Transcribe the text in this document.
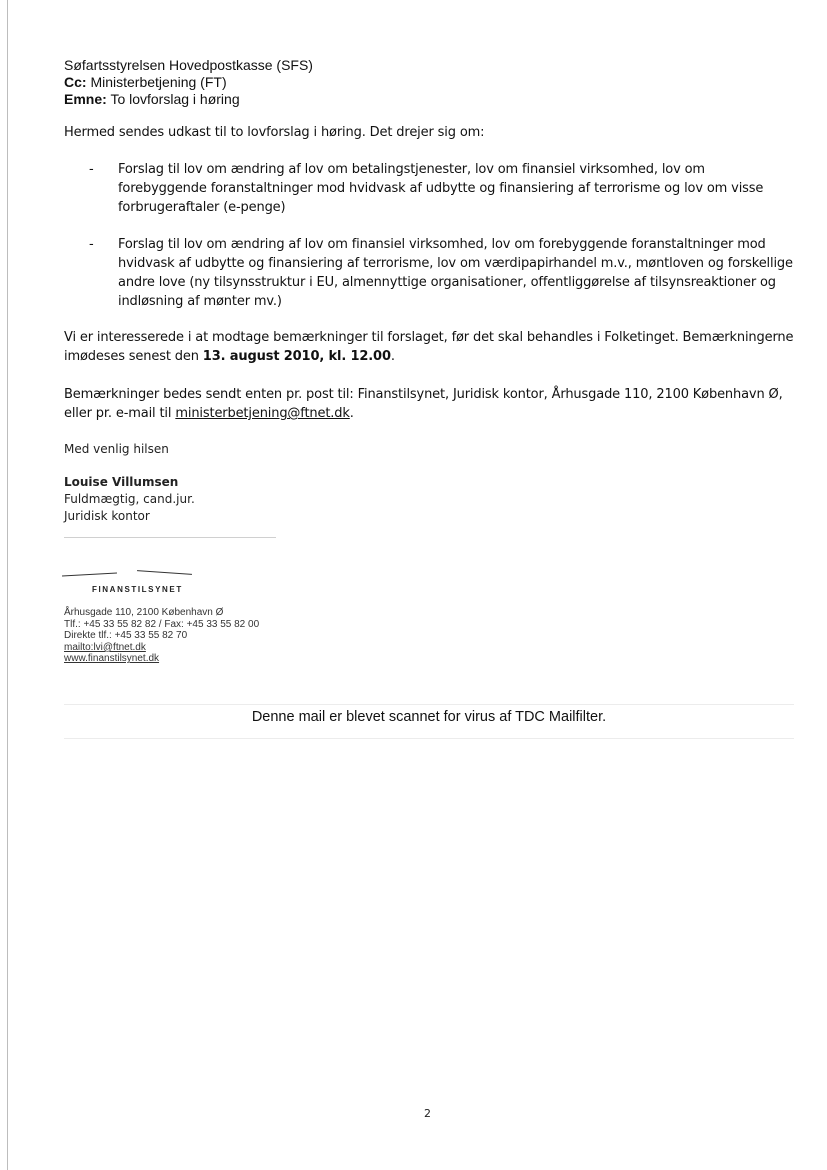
Søfartsstyrelsen Hovedpostkasse (SFS)
Cc: Ministerbetjening (FT)
Emne: To lovforslag i høring
Hermed sendes udkast til to lovforslag i høring. Det drejer sig om:
- Forslag til lov om ændring af lov om betalingstjenester, lov om finansiel virksomhed, lov om forebyggende foranstaltninger mod hvidvask af udbytte og finansiering af terrorisme og lov om visse forbrugeraftaler (e-penge)
- Forslag til lov om ændring af lov om finansiel virksomhed, lov om forebyggende foranstaltninger mod hvidvask af udbytte og finansiering af terrorisme, lov om værdipapirhandel m.v., møntloven og forskellige andre love (ny tilsynsstruktur i EU, almennyttige organisationer, offentliggørelse af tilsynsreaktioner og indløsning af mønter mv.)
Vi er interesserede i at modtage bemærkninger til forslaget, før det skal behandles i Folketinget. Bemærkningerne imødeses senest den 13. august 2010, kl. 12.00.
Bemærkninger bedes sendt enten pr. post til: Finanstilsynet, Juridisk kontor, Århusgade 110, 2100 København Ø, eller pr. e-mail til ministerbetjening@ftnet.dk.
Med venlig hilsen
Louise Villumsen
Fuldmægtig, cand.jur.
Juridisk kontor
FINANSTILSYNET
Århusgade 110, 2100 København Ø
Tlf.: +45 33 55 82 82 / Fax: +45 33 55 82 00
Direkte tlf.: +45 33 55 82 70
mailto:lvi@ftnet.dk
www.finanstilsynet.dk
Denne mail er blevet scannet for virus af TDC Mailfilter.
2
